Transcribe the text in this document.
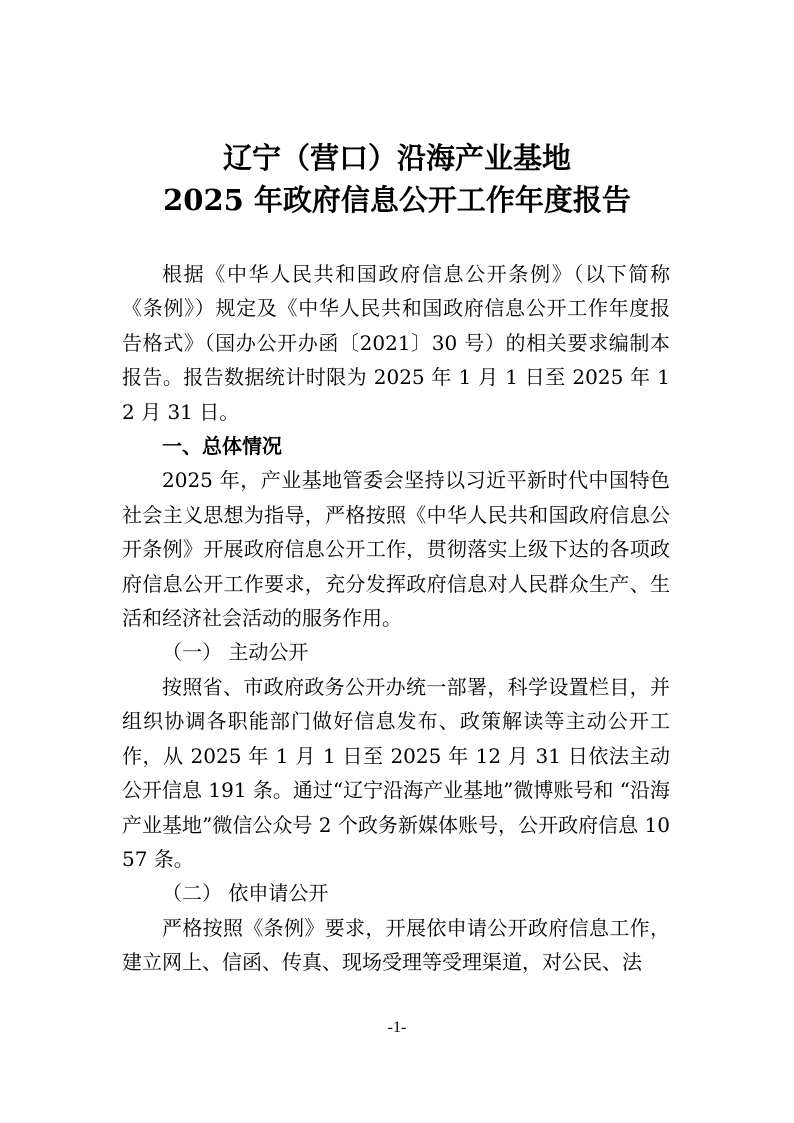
辽宁（营口）沿海产业基地
2025 年政府信息公开工作年度报告

根据《中华人民共和国政府信息公开条例》（以下简称《条例》）规定及《中华人民共和国政府信息公开工作年度报告格式》（国办公开办函〔2021〕30 号）的相关要求编制本报告。报告数据统计时限为 2025 年 1 月 1 日至 2025 年 12 月 31 日。

一、总体情况

2025 年，产业基地管委会坚持以习近平新时代中国特色社会主义思想为指导，严格按照《中华人民共和国政府信息公开条例》开展政府信息公开工作，贯彻落实上级下达的各项政府信息公开工作要求，充分发挥政府信息对人民群众生产、生活和经济社会活动的服务作用。

（一） 主动公开

按照省、市政府政务公开办统一部署，科学设置栏目，并组织协调各职能部门做好信息发布、政策解读等主动公开工作，从 2025 年 1 月 1 日至 2025 年 12 月 31 日依法主动公开信息 191 条。通过“辽宁沿海产业基地”微博账号和 “沿海产业基地”微信公众号 2 个政务新媒体账号，公开政府信息 1057 条。

（二） 依申请公开

严格按照《条例》要求，开展依申请公开政府信息工作，建立网上、信函、传真、现场受理等受理渠道，对公民、法

-1-
